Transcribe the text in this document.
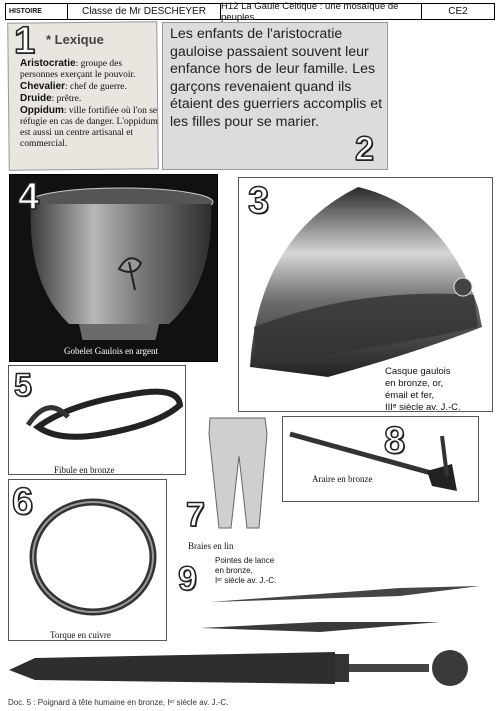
HISTOIRE	Classe de Mr DESCHEYER	H12 La Gaule Celtique : une mosaïque de peuples	CE2
1 * Lexique
Aristocratie: groupe des personnes exerçant le pouvoir.
Chevalier: chef de guerre.
Druide: prêtre.
Oppidum: ville fortifiée où l'on se réfugie en cas de danger. L'oppidum est aussi un centre artisanal et commercial.
Les enfants de l'aristocratie gauloise passaient souvent leur enfance hors de leur famille. Les garçons revenaient quand ils étaient des guerriers accomplis et les filles pour se marier.
2
4
Gobelet Gaulois en argent
3
Casque gaulois
en bronze, or,
émail et fer,
IIIᵉ siècle av. J.-C.
5
Fibule en bronze
7
Braies en lin
8
Araire en bronze
6
Torque en cuivre
9 Pointes de lance
en bronze,
Iᵉʳ siècle av. J.-C.
Doc. 5 : Poignard à tête humaine en bronze, Iᵉʳ siècle av. J.-C.
